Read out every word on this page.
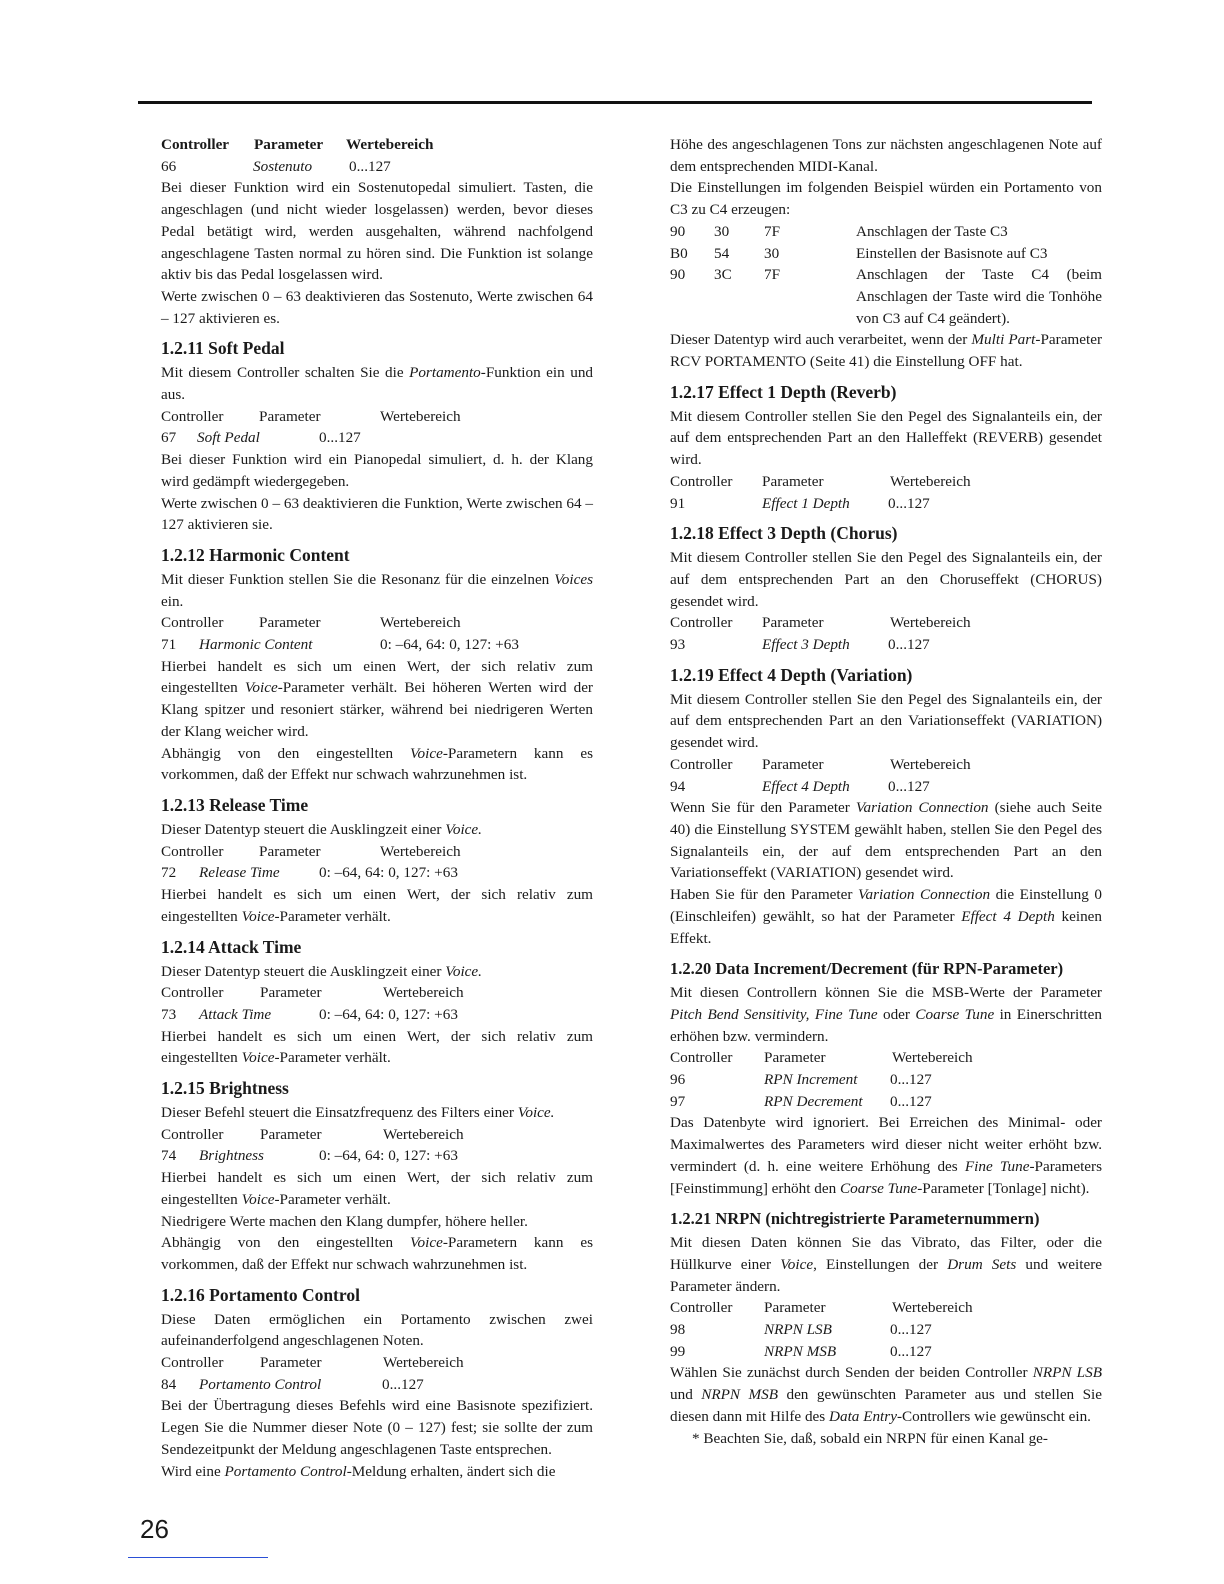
Controller	Parameter	Wertebereich
66	Sostenuto	0...127

Bei dieser Funktion wird ein Sostenutopedal simuliert. Tasten, die angeschlagen (und nicht wieder losgelassen) werden, bevor dieses Pedal betätigt wird, werden ausgehalten, während nachfolgend angeschlagene Tasten normal zu hören sind. Die Funktion ist solange aktiv bis das Pedal losgelassen wird.

Werte zwischen 0 – 63 deaktivieren das Sostenuto, Werte zwischen 64 – 127 aktivieren es.

1.2.11 Soft Pedal

Mit diesem Controller schalten Sie die Portamento-Funktion ein und aus.

Controller	Parameter	Wertebereich
67	Soft Pedal	0...127

Bei dieser Funktion wird ein Pianopedal simuliert, d. h. der Klang wird gedämpft wiedergegeben.

Werte zwischen 0 – 63 deaktivieren die Funktion, Werte zwischen 64 – 127 aktivieren sie.

1.2.12 Harmonic Content

Mit dieser Funktion stellen Sie die Resonanz für die einzelnen Voices ein.

Controller	Parameter	Wertebereich
71	Harmonic Content	0: –64, 64: 0, 127: +63

Hierbei handelt es sich um einen Wert, der sich relativ zum eingestellten Voice-Parameter verhält. Bei höheren Werten wird der Klang spitzer und resoniert stärker, während bei niedrigeren Werten der Klang weicher wird.

Abhängig von den eingestellten Voice-Parametern kann es vorkommen, daß der Effekt nur schwach wahrzunehmen ist.

1.2.13 Release Time

Dieser Datentyp steuert die Ausklingzeit einer Voice.

Controller	Parameter	Wertebereich
72	Release Time	0: –64, 64: 0, 127: +63

Hierbei handelt es sich um einen Wert, der sich relativ zum eingestellten Voice-Parameter verhält.

1.2.14 Attack Time

Dieser Datentyp steuert die Ausklingzeit einer Voice.

Controller	Parameter	Wertebereich
73	Attack Time	0: –64, 64: 0, 127: +63

Hierbei handelt es sich um einen Wert, der sich relativ zum eingestellten Voice-Parameter verhält.

1.2.15 Brightness

Dieser Befehl steuert die Einsatzfrequenz des Filters einer Voice.

Controller	Parameter	Wertebereich
74	Brightness	0: –64, 64: 0, 127: +63

Hierbei handelt es sich um einen Wert, der sich relativ zum eingestellten Voice-Parameter verhält.

Niedrigere Werte machen den Klang dumpfer, höhere heller.

Abhängig von den eingestellten Voice-Parametern kann es vorkommen, daß der Effekt nur schwach wahrzunehmen ist.

1.2.16 Portamento Control

Diese Daten ermöglichen ein Portamento zwischen zwei aufeinanderfolgend angeschlagenen Noten.

Controller	Parameter	Wertebereich
84	Portamento Control	0...127

Bei der Übertragung dieses Befehls wird eine Basisnote spezifiziert. Legen Sie die Nummer dieser Note (0 – 127) fest; sie sollte der zum Sendezeitpunkt der Meldung angeschlagenen Taste entsprechen.

Wird eine Portamento Control-Meldung erhalten, ändert sich die

Höhe des angeschlagenen Tons zur nächsten angeschlagenen Note auf dem entsprechenden MIDI-Kanal.

Die Einstellungen im folgenden Beispiel würden ein Portamento von C3 zu C4 erzeugen:

90	30	7F	Anschlagen der Taste C3
B0	54	30	Einstellen der Basisnote auf C3
90	3C	7F	Anschlagen der Taste C4 (beim Anschlagen der Taste wird die Tonhöhe von C3 auf C4 geändert).

Dieser Datentyp wird auch verarbeitet, wenn der Multi Part-Parameter RCV PORTAMENTO (Seite 41) die Einstellung OFF hat.

1.2.17 Effect 1 Depth (Reverb)

Mit diesem Controller stellen Sie den Pegel des Signalanteils ein, der auf dem entsprechenden Part an den Halleffekt (REVERB) gesendet wird.

Controller	Parameter	Wertebereich
91	Effect 1 Depth	0...127
1.2.18 Effect 3 Depth (Chorus)

Mit diesem Controller stellen Sie den Pegel des Signalanteils ein, der auf dem entsprechenden Part an den Choruseffekt (CHORUS) gesendet wird.

Controller	Parameter	Wertebereich
93	Effect 3 Depth	0...127
1.2.19 Effect 4 Depth (Variation)

Mit diesem Controller stellen Sie den Pegel des Signalanteils ein, der auf dem entsprechenden Part an den Variationseffekt (VARIATION) gesendet wird.

Controller	Parameter	Wertebereich
94	Effect 4 Depth	0...127

Wenn Sie für den Parameter Variation Connection (siehe auch Seite 40) die Einstellung SYSTEM gewählt haben, stellen Sie den Pegel des Signalanteils ein, der auf dem entsprechenden Part an den Variationseffekt (VARIATION) gesendet wird.

Haben Sie für den Parameter Variation Connection die Einstellung 0 (Einschleifen) gewählt, so hat der Parameter Effect 4 Depth keinen Effekt.

1.2.20 Data Increment/Decrement (für RPN-Parameter)

Mit diesen Controllern können Sie die MSB-Werte der Parameter Pitch Bend Sensitivity, Fine Tune oder Coarse Tune in Einerschritten erhöhen bzw. vermindern.

Controller	Parameter	Wertebereich
96	RPN Increment	0...127
97	RPN Decrement	0...127

Das Datenbyte wird ignoriert. Bei Erreichen des Minimal- oder Maximalwertes des Parameters wird dieser nicht weiter erhöht bzw. vermindert (d. h. eine weitere Erhöhung des Fine Tune-Parameters [Feinstimmung] erhöht den Coarse Tune-Parameter [Tonlage] nicht).

1.2.21 NRPN (nichtregistrierte Parameternummern)

Mit diesen Daten können Sie das Vibrato, das Filter, oder die Hüllkurve einer Voice, Einstellungen der Drum Sets und weitere Parameter ändern.

Controller	Parameter	Wertebereich
98	NRPN LSB	0...127
99	NRPN MSB	0...127

Wählen Sie zunächst durch Senden der beiden Controller NRPN LSB und NRPN MSB den gewünschten Parameter aus und stellen Sie diesen dann mit Hilfe des Data Entry-Controllers wie gewünscht ein.

* Beachten Sie, daß, sobald ein NRPN für einen Kanal ge-

26
